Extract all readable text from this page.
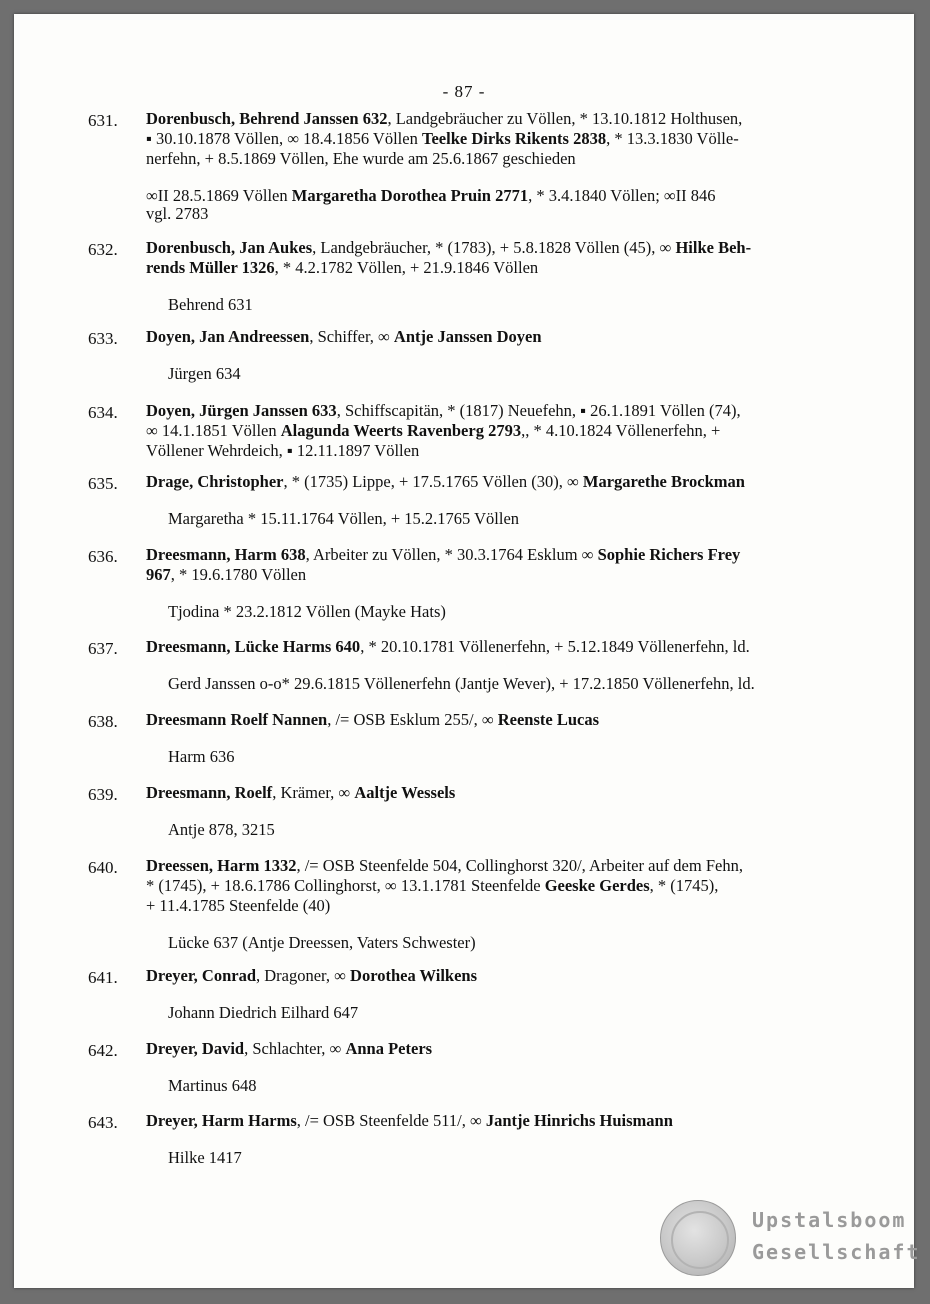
- 87 -
631.	Dorenbusch, Behrend Janssen 632, Landgebräucher zu Völlen, * 13.10.1812 Holthusen,
▪ 30.10.1878 Völlen, ∞ 18.4.1856 Völlen Teelke Dirks Rikents 2838, * 13.3.1830 Völle-
nerfehn, + 8.5.1869 Völlen, Ehe wurde am 25.6.1867 geschieden
∞II 28.5.1869 Völlen Margaretha Dorothea Pruin 2771, * 3.4.1840 Völlen; ∞II 846
vgl. 2783
632.	Dorenbusch, Jan Aukes, Landgebräucher, * (1783), + 5.8.1828 Völlen (45), ∞ Hilke Beh-
rends Müller 1326, * 4.2.1782 Völlen, + 21.9.1846 Völlen
Behrend 631
633.	Doyen, Jan Andreessen, Schiffer, ∞ Antje Janssen Doyen
Jürgen 634
634.	Doyen, Jürgen Janssen 633, Schiffscapitän, * (1817) Neuefehn, ▪ 26.1.1891 Völlen (74),
∞ 14.1.1851 Völlen Alagunda Weerts Ravenberg 2793,, * 4.10.1824 Völlenerfehn, +
Völlener Wehrdeich, ▪ 12.11.1897 Völlen
635.	Drage, Christopher, * (1735) Lippe, + 17.5.1765 Völlen (30), ∞ Margarethe Brockman
Margaretha * 15.11.1764 Völlen, + 15.2.1765 Völlen
636.	Dreesmann, Harm 638, Arbeiter zu Völlen, * 30.3.1764 Esklum ∞ Sophie Richers Frey
967, * 19.6.1780 Völlen
Tjodina * 23.2.1812 Völlen (Mayke Hats)
637.	Dreesmann, Lücke Harms 640, * 20.10.1781 Völlenerfehn, + 5.12.1849 Völlenerfehn, ld.
Gerd Janssen o-o* 29.6.1815 Völlenerfehn (Jantje Wever), + 17.2.1850 Völlenerfehn, ld.
638.	Dreesmann Roelf Nannen, /= OSB Esklum 255/, ∞ Reenste Lucas
Harm 636
639.	Dreesmann, Roelf, Krämer, ∞ Aaltje Wessels
Antje 878, 3215
640.	Dreessen, Harm 1332, /= OSB Steenfelde 504, Collinghorst 320/, Arbeiter auf dem Fehn,
* (1745), + 18.6.1786 Collinghorst, ∞ 13.1.1781 Steenfelde Geeske Gerdes, * (1745),
+ 11.4.1785 Steenfelde (40)
Lücke 637 (Antje Dreessen, Vaters Schwester)
641.	Dreyer, Conrad, Dragoner, ∞ Dorothea Wilkens
Johann Diedrich Eilhard 647
642.	Dreyer, David, Schlachter, ∞ Anna Peters
Martinus 648
643.	Dreyer, Harm Harms, /= OSB Steenfelde 511/, ∞ Jantje Hinrichs Huismann
Hilke 1417
Upstalsboom
Gesellschaft
